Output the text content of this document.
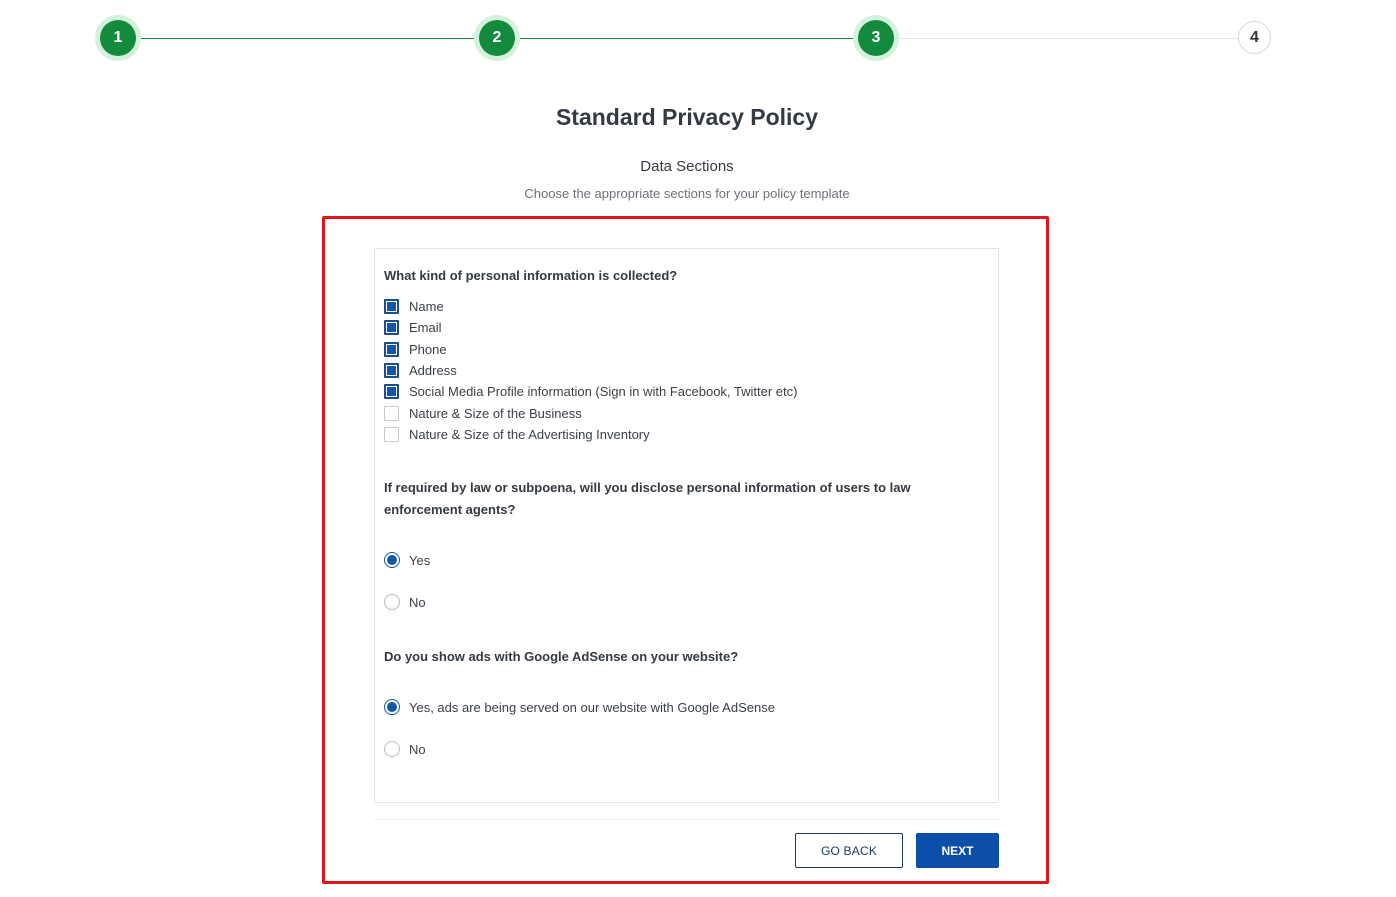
1	2	3	4
Standard Privacy Policy
Data Sections
Choose the appropriate sections for your policy template
What kind of personal information is collected?
Name
Email
Phone
Address
Social Media Profile information (Sign in with Facebook, Twitter etc)
Nature & Size of the Business
Nature & Size of the Advertising Inventory
If required by law or subpoena, will you disclose personal information of users to law enforcement agents?
Yes
No
Do you show ads with Google AdSense on your website?
Yes, ads are being served on our website with Google AdSense
No
GO BACK	NEXT
